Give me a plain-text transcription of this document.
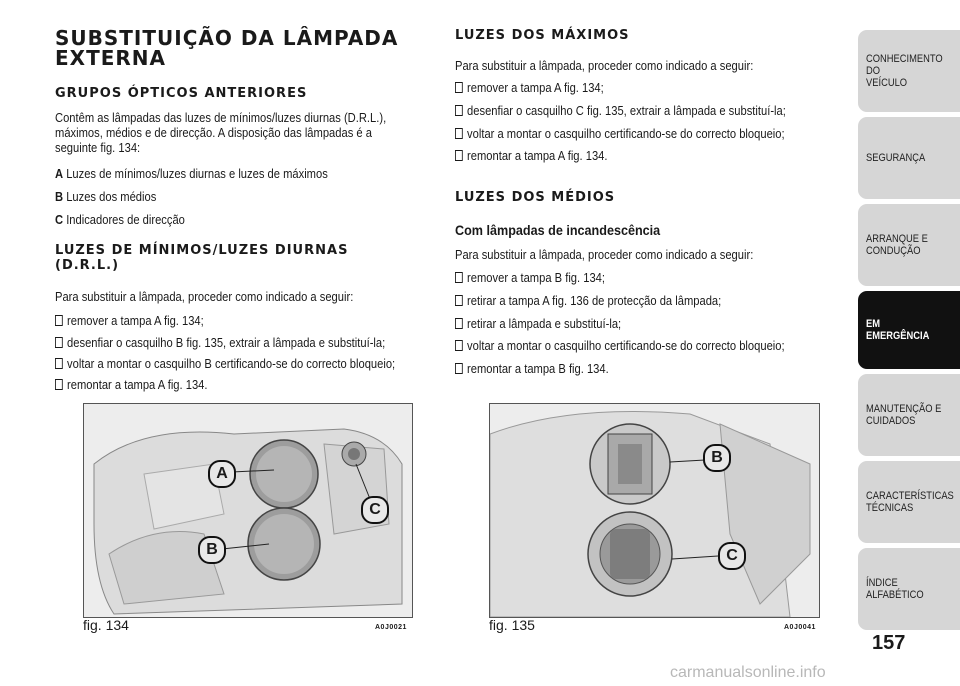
SUBSTITUIÇÃO DA LÂMPADA
EXTERNA
GRUPOS ÓPTICOS ANTERIORES
Contêm as lâmpadas das luzes de mínimos/luzes diurnas (D.R.L.),
máximos, médios e de direcção. A disposição das lâmpadas é a
seguinte fig. 134:
A Luzes de mínimos/luzes diurnas e luzes de máximos
B Luzes dos médios
C Indicadores de direcção
LUZES DE MÍNIMOS/LUZES DIURNAS
(D.R.L.)
Para substituir a lâmpada, proceder como indicado a seguir:
remover a tampa A fig. 134;
desenfiar o casquilho B fig. 135, extrair a lâmpada e substituí-la;
voltar a montar o casquilho B certificando-se do correcto bloqueio;
remontar a tampa A fig. 134.
LUZES DOS MÁXIMOS
Para substituir a lâmpada, proceder como indicado a seguir:
remover a tampa A fig. 134;
desenfiar o casquilho C fig. 135, extrair a lâmpada e substituí-la;
voltar a montar o casquilho certificando-se do correcto bloqueio;
remontar a tampa A fig. 134.
LUZES DOS MÉDIOS
Com lâmpadas de incandescência
Para substituir a lâmpada, proceder como indicado a seguir:
remover a tampa B fig. 134;
retirar a tampa A fig. 136 de protecção da lâmpada;
retirar a lâmpada e substituí-la;
voltar a montar o casquilho certificando-se do correcto bloqueio;
remontar a tampa B fig. 134.
A
B
C
fig. 134	A0J0021
B
C
fig. 135	A0J0041
CONHECIMENTO DO
VEÍCULO
SEGURANÇA
ARRANQUE E
CONDUÇÃO
EM EMERGÊNCIA
MANUTENÇÃO E
CUIDADOS
CARACTERÍSTICAS
TÉCNICAS
ÍNDICE ALFABÉTICO
157
carmanualsonline.info
